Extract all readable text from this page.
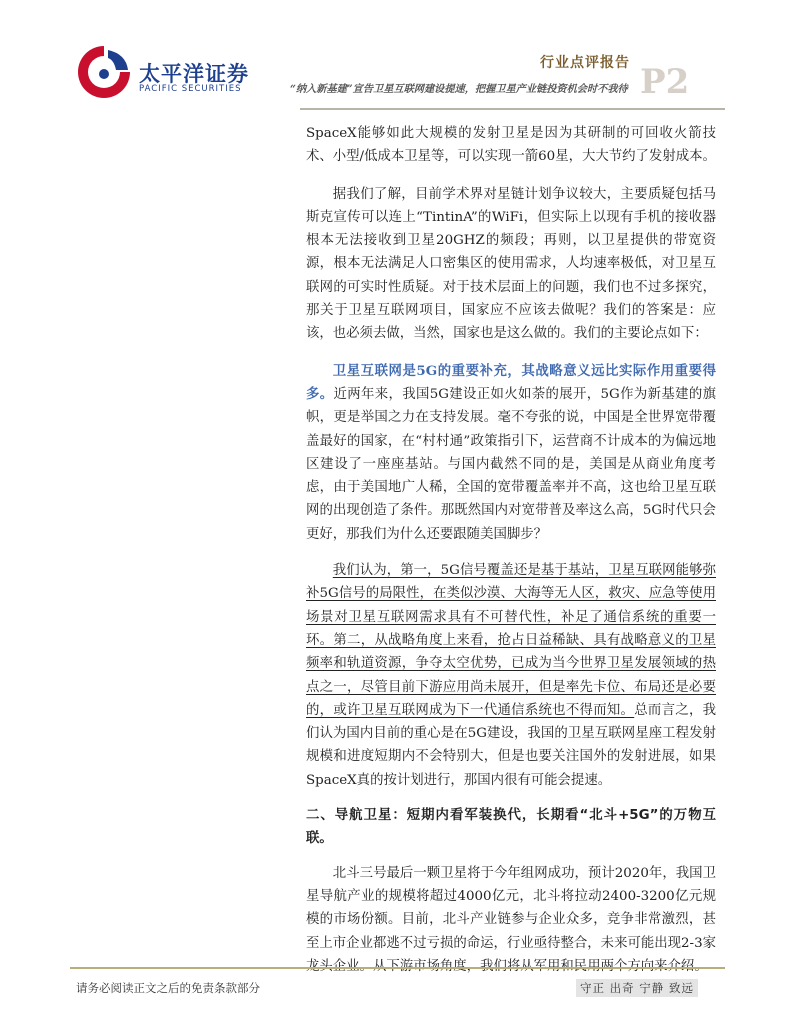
太平洋证券
PACIFIC SECURITIES
行业点评报告
“纳入新基建”宣告卫星互联网建设提速，把握卫星产业链投资机会时不我待 P2

SpaceX能够如此大规模的发射卫星是因为其研制的可回收火箭技术、小型/低成本卫星等，可以实现一箭60星，大大节约了发射成本。

据我们了解，目前学术界对星链计划争议较大，主要质疑包括马斯克宣传可以连上“TintinA”的WiFi，但实际上以现有手机的接收器根本无法接收到卫星20GHZ的频段；再则，以卫星提供的带宽资源，根本无法满足人口密集区的使用需求，人均速率极低，对卫星互联网的可实时性质疑。对于技术层面上的问题，我们也不过多探究，那关于卫星互联网项目，国家应不应该去做呢？我们的答案是：应该，也必须去做，当然，国家也是这么做的。我们的主要论点如下：

卫星互联网是5G的重要补充，其战略意义远比实际作用重要得多。近两年来，我国5G建设正如火如荼的展开，5G作为新基建的旗帜，更是举国之力在支持发展。毫不夸张的说，中国是全世界宽带覆盖最好的国家，在“村村通”政策指引下，运营商不计成本的为偏远地区建设了一座座基站。与国内截然不同的是，美国是从商业角度考虑，由于美国地广人稀，全国的宽带覆盖率并不高，这也给卫星互联网的出现创造了条件。那既然国内对宽带普及率这么高，5G时代只会更好，那我们为什么还要跟随美国脚步？

我们认为，第一，5G信号覆盖还是基于基站，卫星互联网能够弥补5G信号的局限性，在类似沙漠、大海等无人区，救灾、应急等使用场景对卫星互联网需求具有不可替代性，补足了通信系统的重要一环。第二，从战略角度上来看，抢占日益稀缺、具有战略意义的卫星频率和轨道资源，争夺太空优势，已成为当今世界卫星发展领域的热点之一，尽管目前下游应用尚未展开，但是率先卡位、布局还是必要的，或许卫星互联网成为下一代通信系统也不得而知。总而言之，我们认为国内目前的重心是在5G建设，我国的卫星互联网星座工程发射规模和进度短期内不会特别大，但是也要关注国外的发射进展，如果SpaceX真的按计划进行，那国内很有可能会提速。

二、导航卫星：短期内看军装换代，长期看“北斗+5G”的万物互联。

北斗三号最后一颗卫星将于今年组网成功，预计2020年，我国卫星导航产业的规模将超过4000亿元，北斗将拉动2400-3200亿元规模的市场份额。目前，北斗产业链参与企业众多，竞争非常激烈，甚至上市企业都逃不过亏损的命运，行业亟待整合，未来可能出现2-3家

请务必阅读正文之后的免责条款部分	守正 出奇 宁静 致远
